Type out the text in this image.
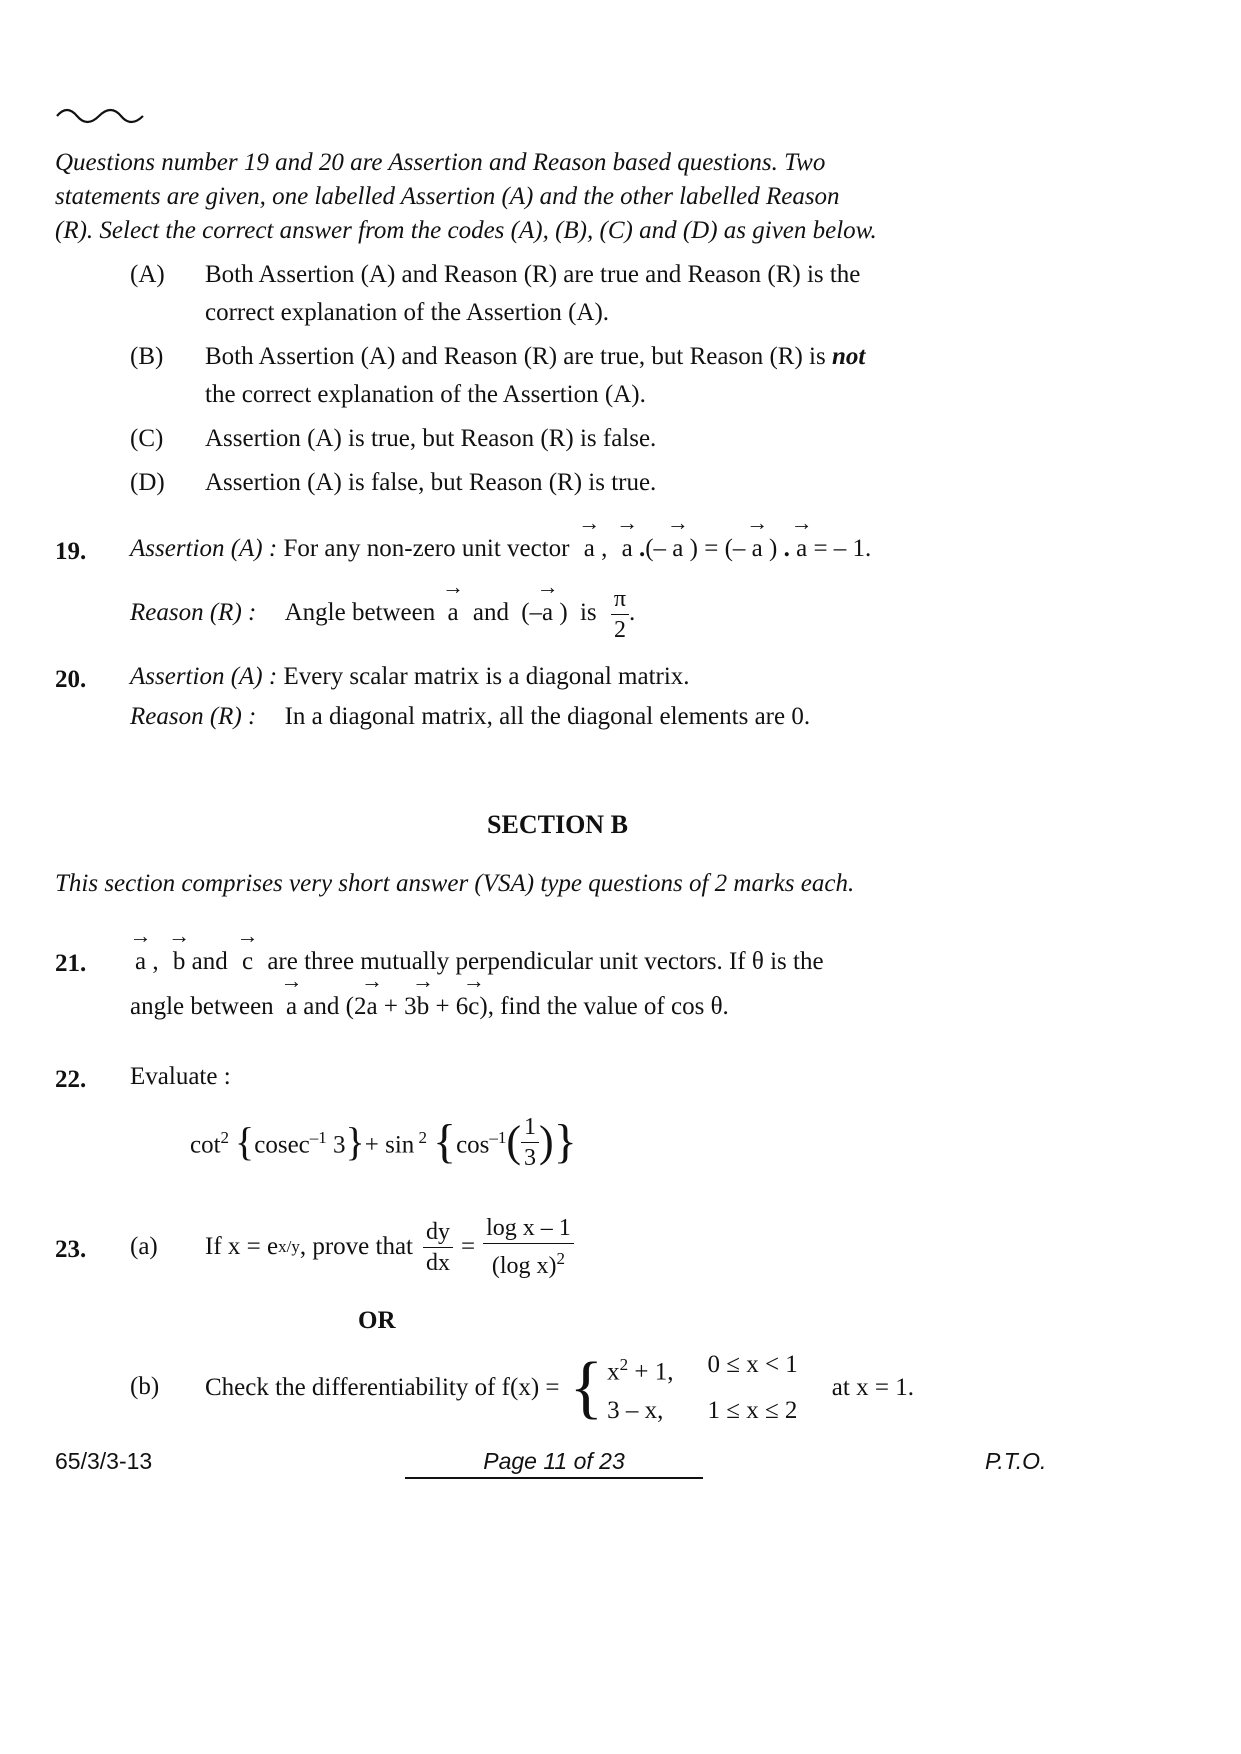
Questions number 19 and 20 are Assertion and Reason based questions. Two
statements are given, one labelled Assertion (A) and the other labelled Reason
(R). Select the correct answer from the codes (A), (B), (C) and (D) as given below.
(A) Both Assertion (A) and Reason (R) are true and Reason (R) is the
correct explanation of the Assertion (A).
(B) Both Assertion (A) and Reason (R) are true, but Reason (R) is not
the correct explanation of the Assertion (A).
(C) Assertion (A) is true, but Reason (R) is false.
(D) Assertion (A) is false, but Reason (R) is true.
19. Assertion (A) : For any non-zero unit vector a
→
, a
→
.(– a
→
) = (– a
→
) . a
→
= – 1.
Reason (R) : Angle between a
→
and (–a
→
) is $\frac{\pi}{2}$ .
20. Assertion (A) : Every scalar matrix is a diagonal matrix.
Reason (R) : In a diagonal matrix, all the diagonal elements are 0.
SECTION B
This section comprises very short answer (VSA) type questions of 2 marks each.
21. a
→
, b
→
and c
→
are three mutually perpendicular unit vectors. If θ is the
angle between a
→
and (2a
→
+ 3b
→
+ 6c
→
), find the value of cos θ.
22. Evaluate :
$\cot^2$ { cosec$^{-1}$ 3 } + sin $^2$ { $\cos^{-1}$ ( $\frac{1}{3}$ ) }
23. (a) If x = e x/y , prove that $\frac{dy}{dx} = \frac{\text{log x – 1}}{(\log x)^2}$
OR
(b) Check the differentiability of f(x) = { $x^2 + 1$, 0 ≤ x < 1
3 – x,	1 ≤ x ≤ 2
at x = 1.
65/3/3-13	Page 11 of 23	P.T.O.
